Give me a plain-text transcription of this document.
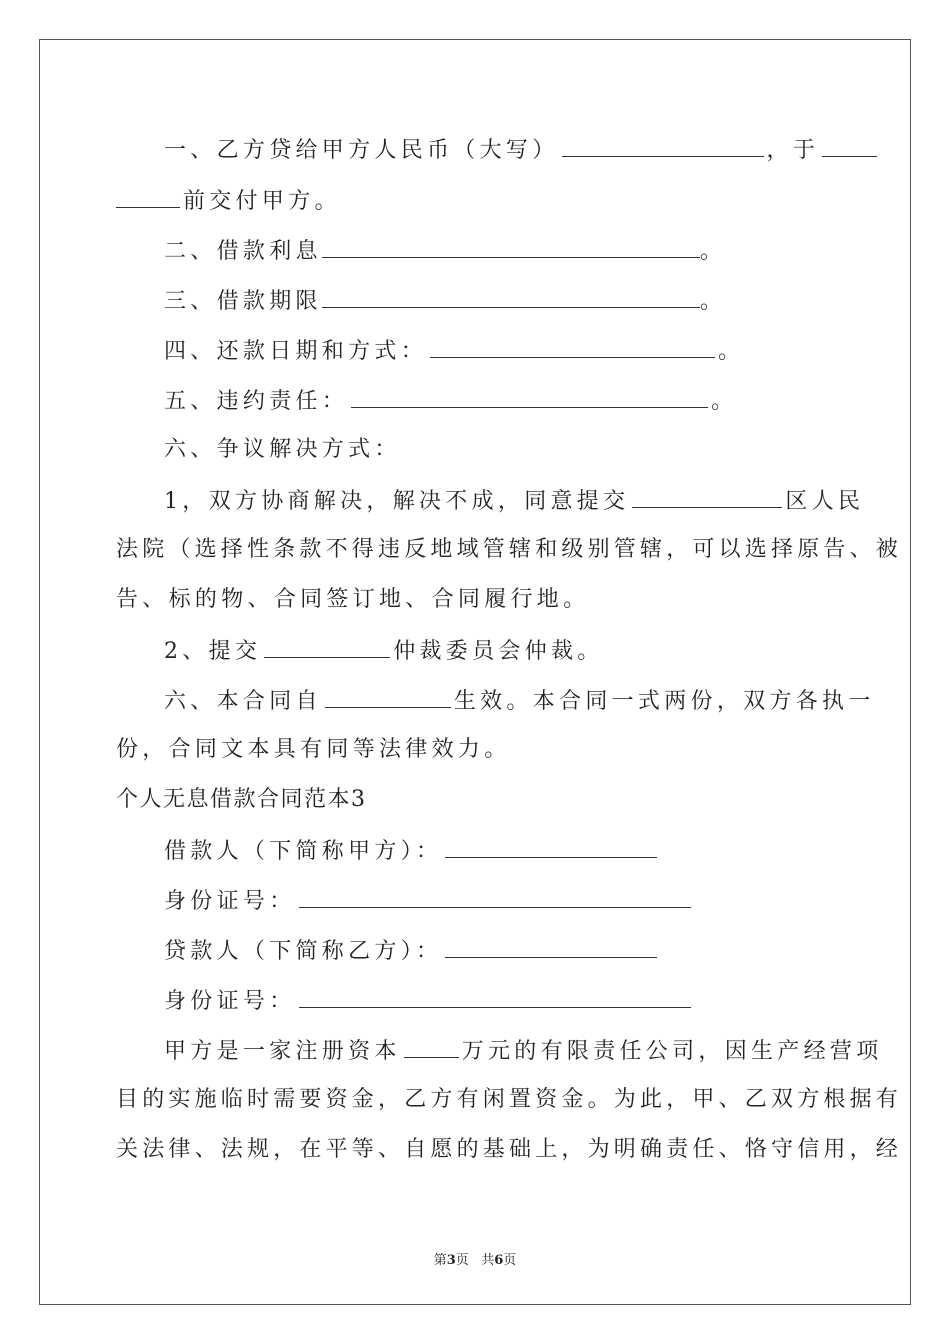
一、乙方贷给甲方人民币（大写）	，于
前交付甲方。
二、借款利息	。
三、借款期限	。
四、还款日期和方式：	。
五、违约责任：	。
六、争议解决方式：
1，双方协商解决，解决不成，同意提交	区人民
法院（选择性条款不得违反地域管辖和级别管辖，可以选择原告、被
告、标的物、合同签订地、合同履行地。
2、提交	仲裁委员会仲裁。
六、本合同自	生效。本合同一式两份，双方各执一
份，合同文本具有同等法律效力。
个人无息借款合同范本3
借款人（下简称甲方）：
身份证号：
贷款人（下简称乙方）：
身份证号：
甲方是一家注册资本	万元的有限责任公司，因生产经营项
目的实施临时需要资金，乙方有闲置资金。为此，甲、乙双方根据有
关法律、法规，在平等、自愿的基础上，为明确责任、恪守信用，经
第3页 共6页
